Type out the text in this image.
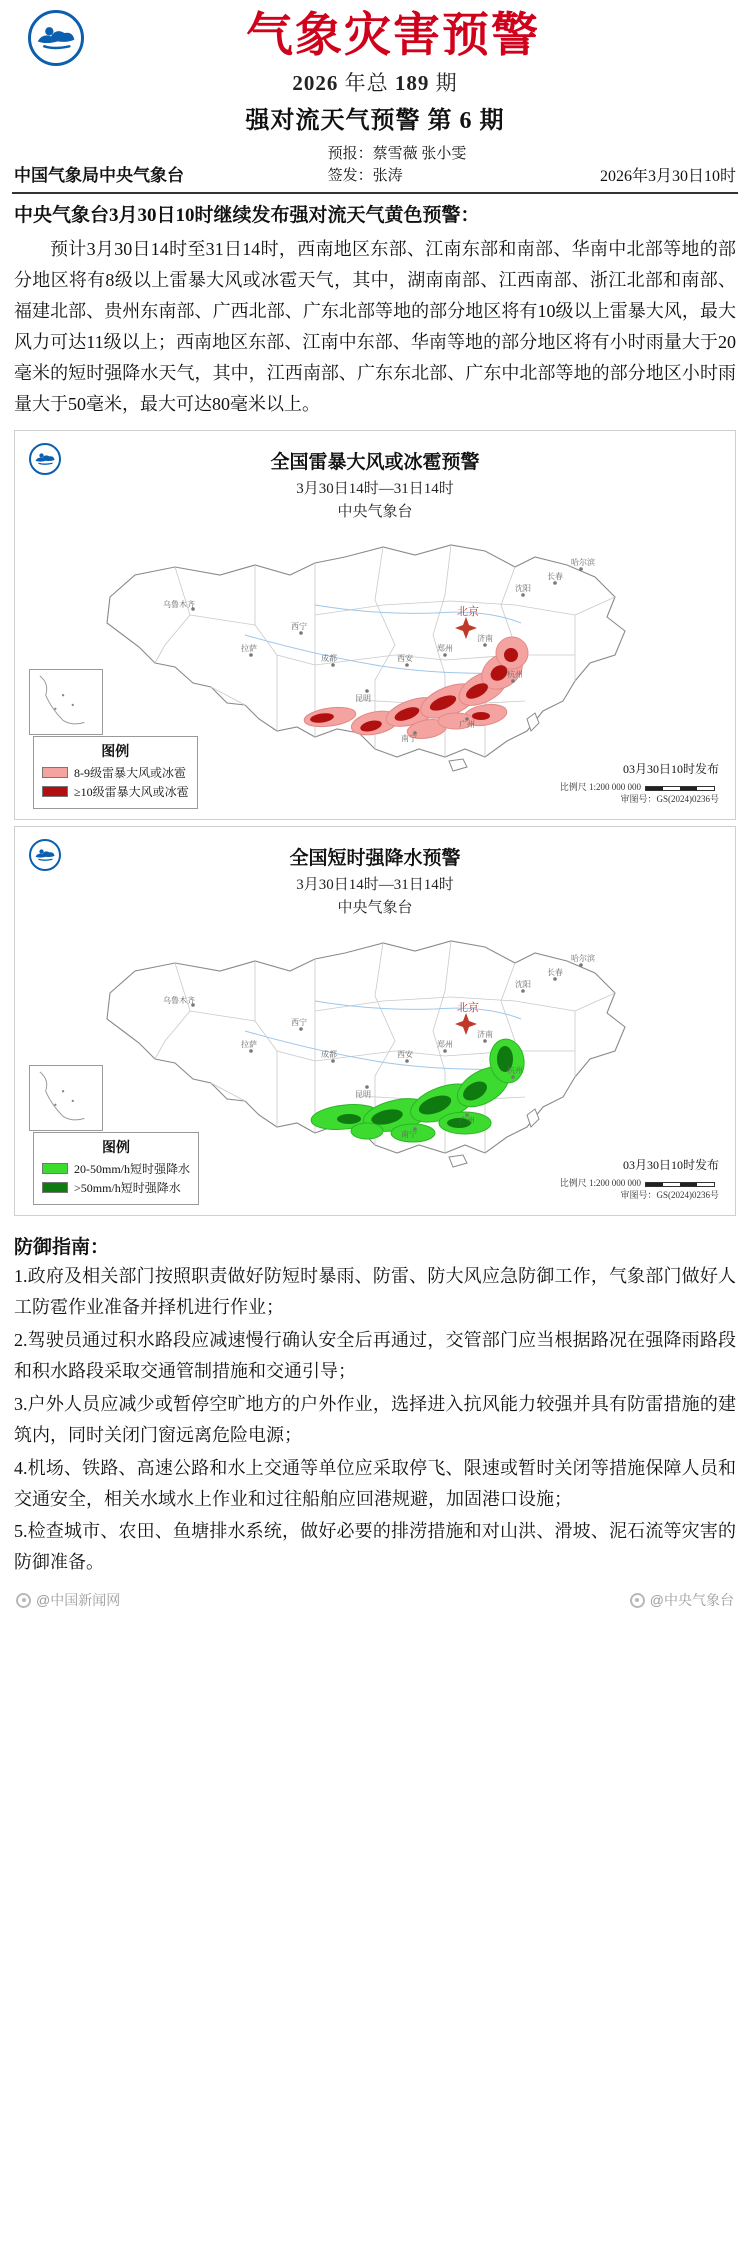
气象灾害预警
2026 年总 189 期
强对流天气预警 第 6 期
中国气象局中央气象台
预报：蔡雪薇 张小雯
签发：张涛	2026年3月30日10时
中央气象台3月30日10时继续发布强对流天气黄色预警：
预计3月30日14时至31日14时，西南地区东部、江南东部和南部、华南中北部等地的部分地区将有8级以上雷暴大风或冰雹天气，其中，湖南南部、江西南部、浙江北部和南部、福建北部、贵州东南部、广西北部、广东北部等地的部分地区将有10级以上雷暴大风，最大风力可达11级以上；西南地区东部、江南中东部、华南等地的部分地区将有小时雨量大于20毫米的短时强降水天气，其中，江西南部、广东东北部、广东中北部等地的部分地区小时雨量大于50毫米，最大可达80毫米以上。
全国雷暴大风或冰雹预警
3月30日14时—31日14时
中央气象台
北京
乌鲁木齐
拉萨
西宁
成都
昆明
西安
郑州
济南
杭州
广州
南宁
沈阳
长春
哈尔滨
图例
8-9级雷暴大风或冰雹
≥10级雷暴大风或冰雹
03月30日10时发布
比例尺 1:200 000 000
审图号：GS(2024)0236号
全国短时强降水预警
3月30日14时—31日14时
中央气象台
北京
乌鲁木齐
拉萨
西宁
成都
昆明
西安
郑州
济南
杭州
广州
南宁
沈阳
长春
哈尔滨
图例
20-50mm/h短时强降水
>50mm/h短时强降水
03月30日10时发布
比例尺 1:200 000 000
审图号：GS(2024)0236号
防御指南：
1.政府及相关部门按照职责做好防短时暴雨、防雷、防大风应急防御工作，气象部门做好人工防雹作业准备并择机进行作业；
2.驾驶员通过积水路段应减速慢行确认安全后再通过，交管部门应当根据路况在强降雨路段和积水路段采取交通管制措施和交通引导；
3.户外人员应减少或暂停空旷地方的户外作业，选择进入抗风能力较强并具有防雷措施的建筑内，同时关闭门窗远离危险电源；
4.机场、铁路、高速公路和水上交通等单位应采取停飞、限速或暂时关闭等措施保障人员和交通安全，相关水域水上作业和过往船舶应回港规避，加固港口设施；
5.检查城市、农田、鱼塘排水系统，做好必要的排涝措施和对山洪、滑坡、泥石流等灾害的防御准备。
@中国新闻网	@中央气象台
